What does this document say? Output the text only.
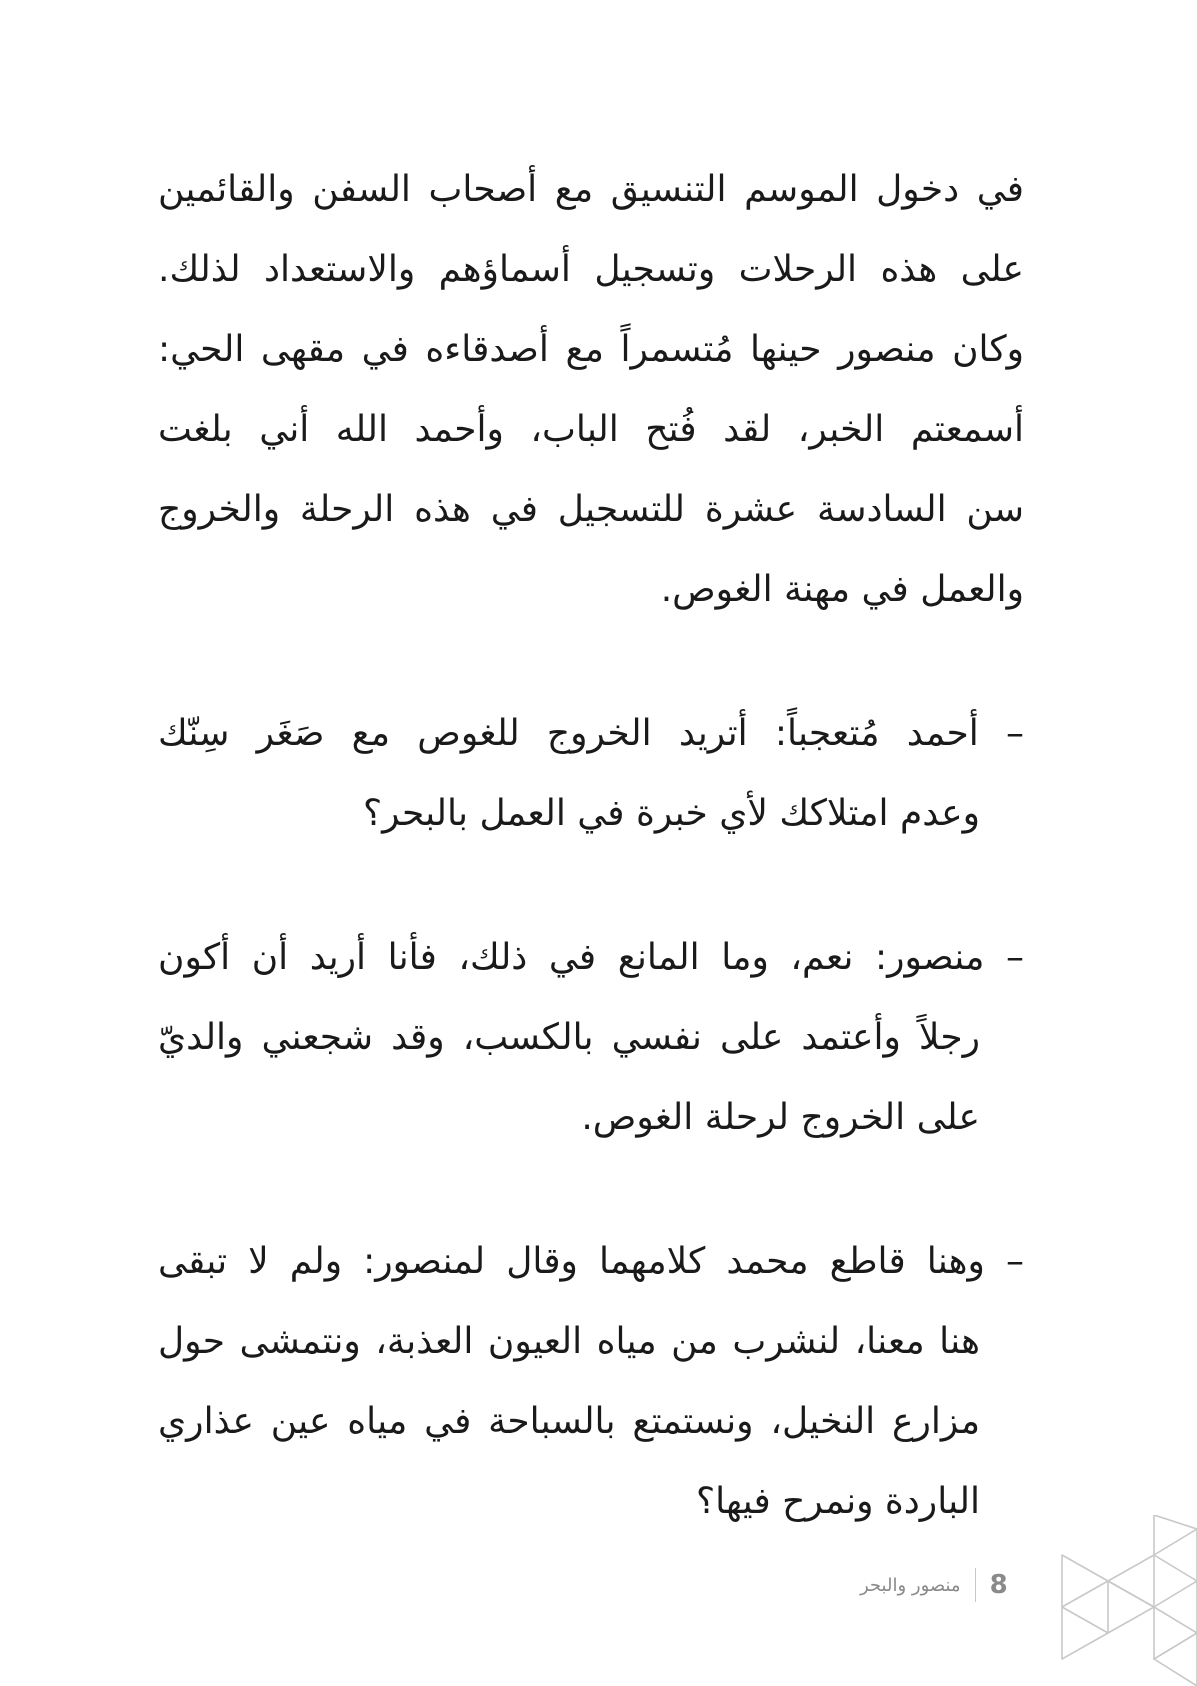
في دخول الموسم التنسيق مع أصحاب السفن والقائمين
على هذه الرحلات وتسجيل أسماؤهم والاستعداد لذلك.
وكان منصور حينها مُتسمراً مع أصدقاءه في مقهى الحي:
أسمعتم الخبر، لقد فُتح الباب، وأحمد الله أني بلغت
سن السادسة عشرة للتسجيل في هذه الرحلة والخروج
والعمل في مهنة الغوص.

– أحمد مُتعجباً: أتريد الخروج للغوص مع صَغَر سِنّك
وعدم امتلاكك لأي خبرة في العمل بالبحر؟

– منصور: نعم، وما المانع في ذلك، فأنا أريد أن أكون
رجلاً وأعتمد على نفسي بالكسب، وقد شجعني والديّ
على الخروج لرحلة الغوص.

– وهنا قاطع محمد كلامهما وقال لمنصور: ولم لا تبقى
هنا معنا، لنشرب من مياه العيون العذبة، ونتمشى حول
مزارع النخيل، ونستمتع بالسباحة في مياه عين عذاري
الباردة ونمرح فيها؟

منصور والبحر 8
